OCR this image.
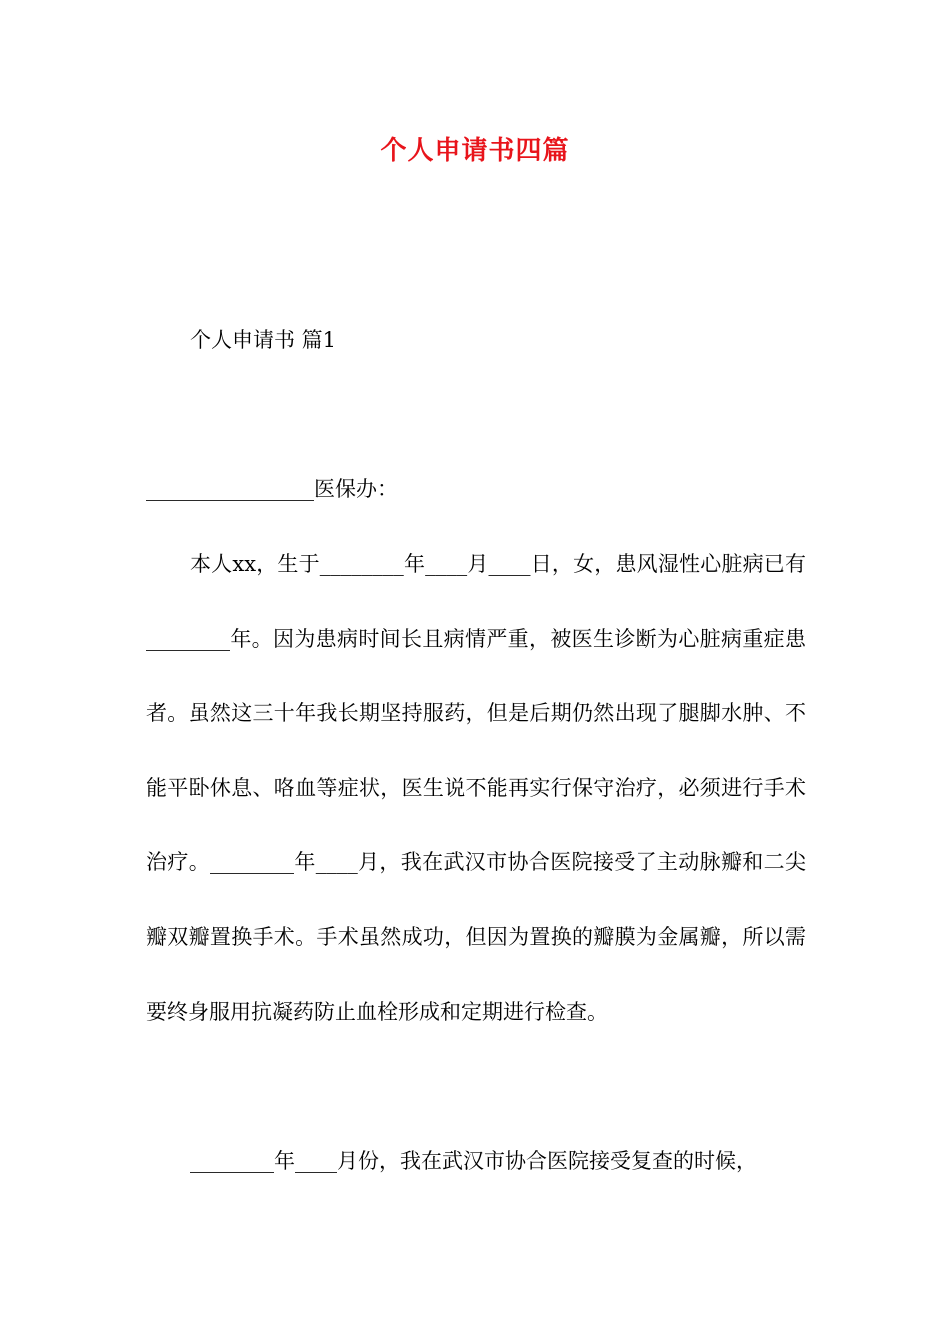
个人申请书四篇
个人申请书 篇1
________________医保办：

本人xx，生于________年____月____日，女，患风湿性心脏病已有________年。因为患病时间长且病情严重，被医生诊断为心脏病重症患者。虽然这三十年我长期坚持服药，但是后期仍然出现了腿脚水肿、不能平卧休息、咯血等症状，医生说不能再实行保守治疗，必须进行手术治疗。________年____月，我在武汉市协合医院接受了主动脉瓣和二尖瓣双瓣置换手术。手术虽然成功，但因为置换的瓣膜为金属瓣，所以需要终身服用抗凝药防止血栓形成和定期进行检查。

________年____月份，我在武汉市协合医院接受复查的时候，
